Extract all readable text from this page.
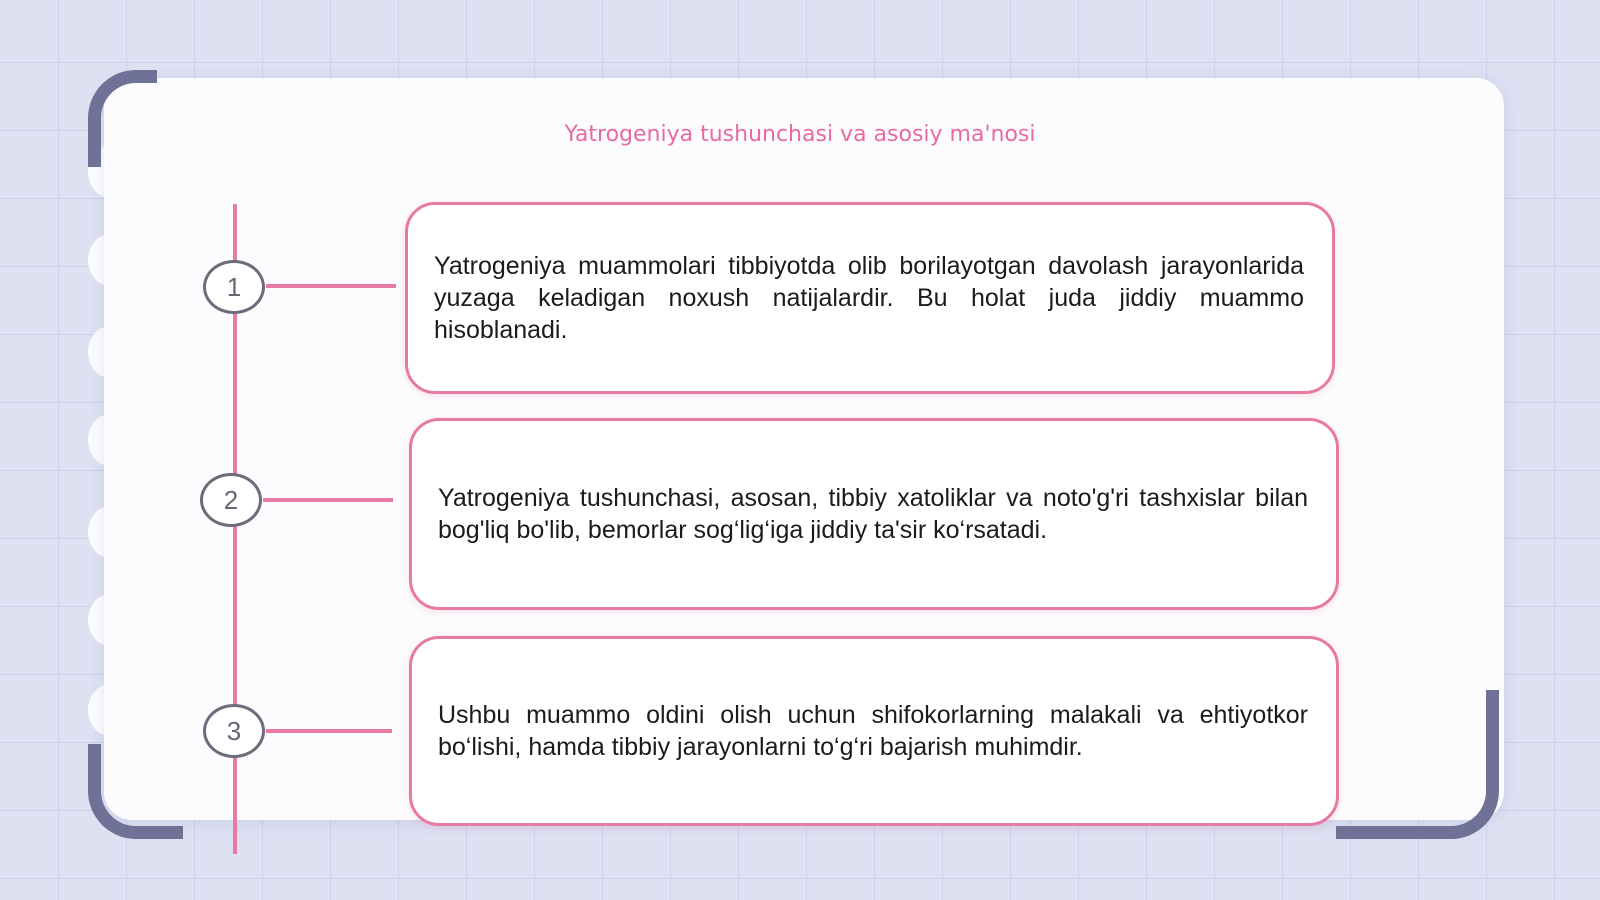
Yatrogeniya tushunchasi va asosiy ma'nosi
1
Yatrogeniya muammolari tibbiyotda olib borilayotgan davolash jarayonlarida yuzaga keladigan noxush natijalardir. Bu holat juda jiddiy muammo hisoblanadi.
2	Yatrogeniya tushunchasi, asosan, tibbiy xatoliklar va noto'g'ri tashxislar bilan bog'liq bo'lib, bemorlar sog‘lig‘iga jiddiy ta'sir ko‘rsatadi.
3
Ushbu muammo oldini olish uchun shifokorlarning malakali va ehtiyotkor bo‘lishi, hamda tibbiy jarayonlarni to‘g‘ri bajarish muhimdir.
